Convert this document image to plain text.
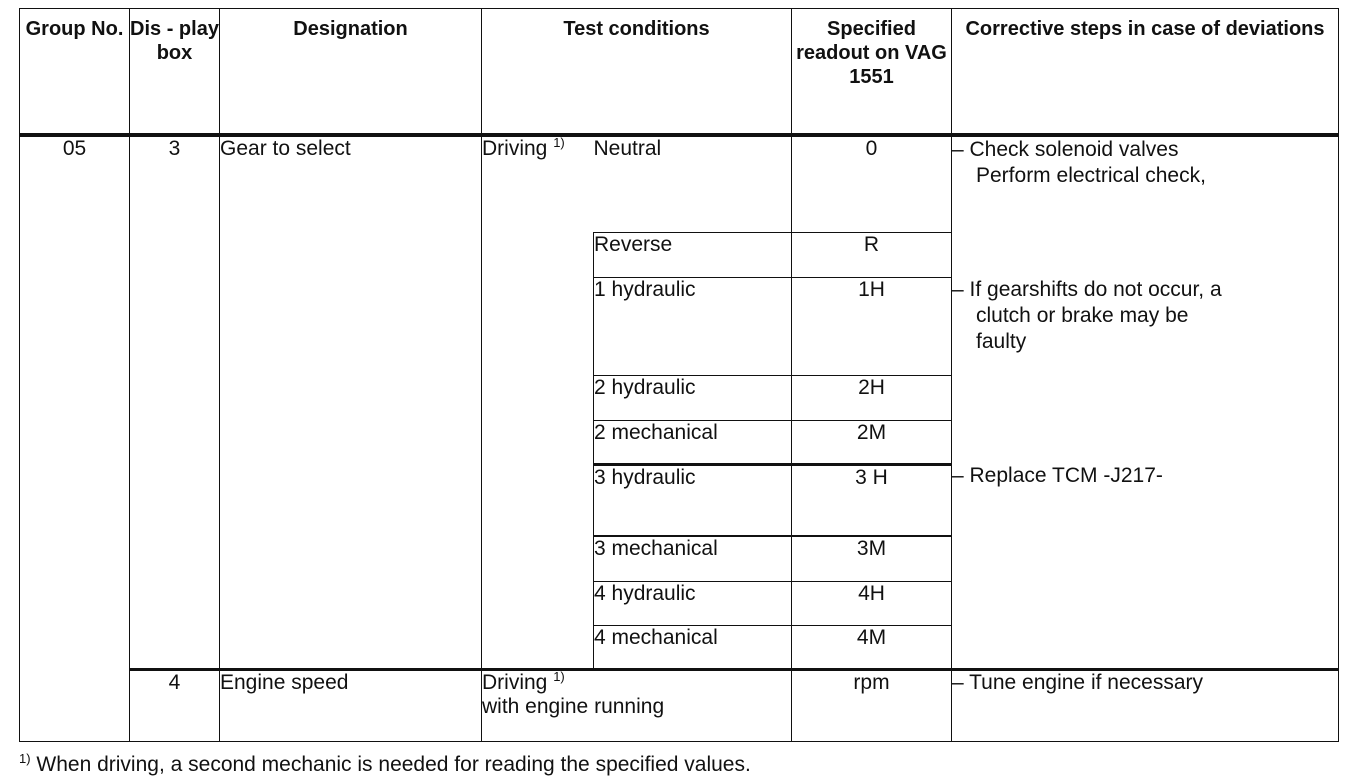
Group No.	Dis - play box	Designation	Test conditions		Specified readout on VAG 1551	Corrective steps in case of deviations
05	3	Gear to select	Driving $^{1)}$	Neutral	0	– Check solenoid valves
Perform electrical check,

				Reverse	R	
				1 hydraulic	1H	– If gearshifts do not occur, a
clutch or brake may be
faulty

				2 hydraulic	2H	
				2 mechanical	2M	
				3 hydraulic	3 H	– Replace TCM -J217-
				3 mechanical	3M	
				4 hydraulic	4H	
				4 mechanical	4M	
	4	Engine speed	Driving $^{1)}$
with engine running		rpm	– Tune engine if necessary
$^{1)}$ When driving, a second mechanic is needed for reading the specified values.
